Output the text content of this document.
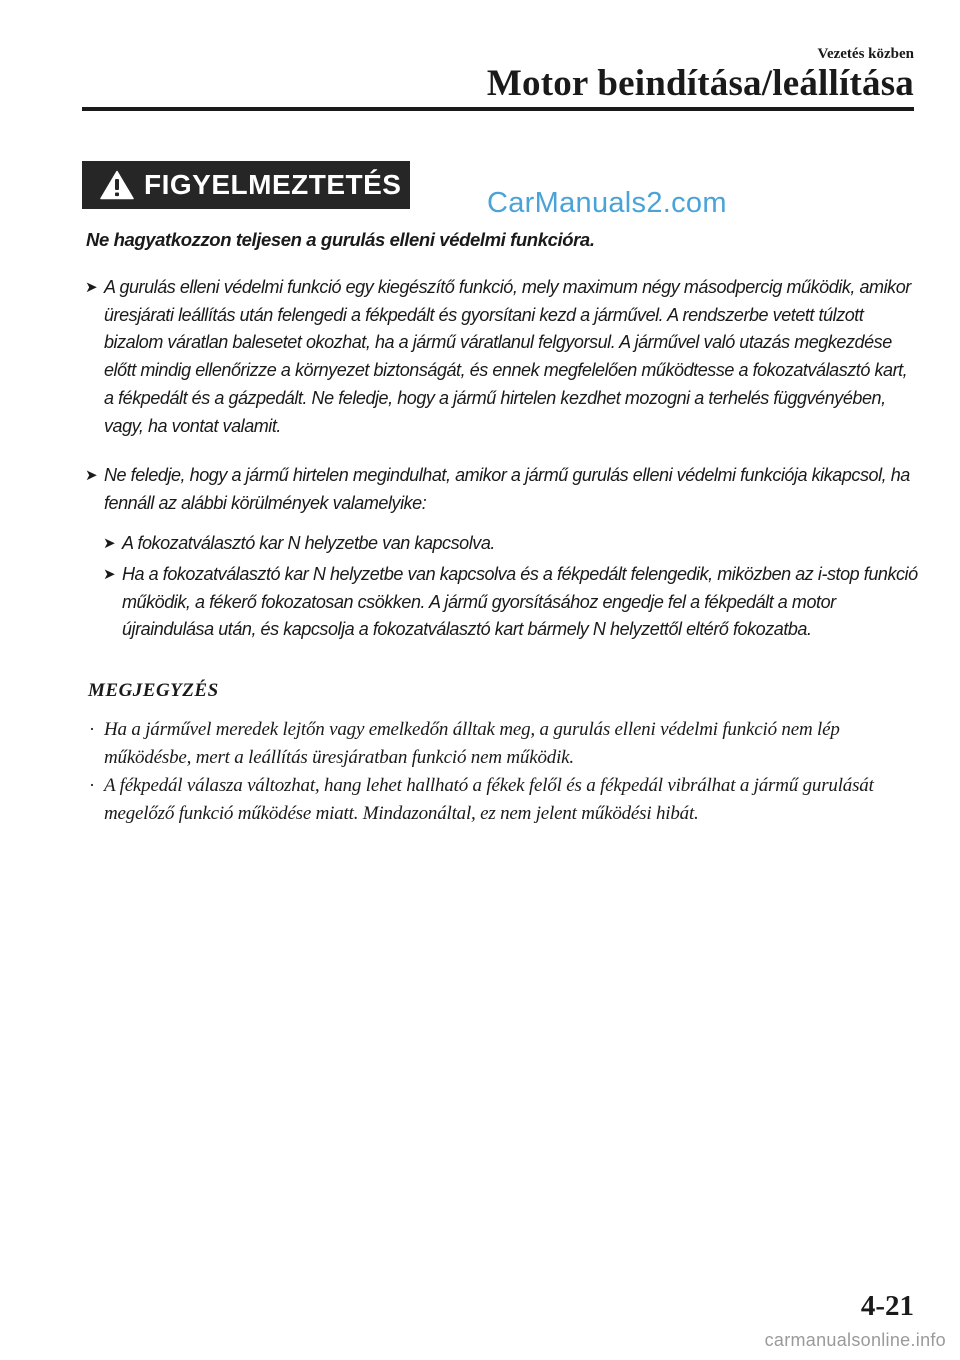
Vezetés közben
Motor beindítása/leállítása
FIGYELMEZTETÉS
CarManuals2.com
Ne hagyatkozzon teljesen a gurulás elleni védelmi funkcióra.
➤ A gurulás elleni védelmi funkció egy kiegészítő funkció, mely maximum négy másodpercig működik, amikor üresjárati leállítás után felengedi a fékpedált és gyorsítani kezd a járművel. A rendszerbe vetett túlzott bizalom váratlan balesetet okozhat, ha a jármű váratlanul felgyorsul. A járművel való utazás megkezdése előtt mindig ellenőrizze a környezet biztonságát, és ennek megfelelően működtesse a fokozatválasztó kart, a fékpedált és a gázpedált. Ne feledje, hogy a jármű hirtelen kezdhet mozogni a terhelés függvényében, vagy, ha vontat valamit.
➤ Ne feledje, hogy a jármű hirtelen megindulhat, amikor a jármű gurulás elleni védelmi funkciója kikapcsol, ha fennáll az alábbi körülmények valamelyike:
➤ A fokozatválasztó kar N helyzetbe van kapcsolva.
➤ Ha a fokozatválasztó kar N helyzetbe van kapcsolva és a fékpedált felengedik, miközben az i-stop funkció működik, a fékerő fokozatosan csökken. A jármű gyorsításához engedje fel a fékpedált a motor újraindulása után, és kapcsolja a fokozatválasztó kart bármely N helyzettől eltérő fokozatba.
MEGJEGYZÉS
· Ha a járművel meredek lejtőn vagy emelkedőn álltak meg, a gurulás elleni védelmi funkció nem lép működésbe, mert a leállítás üresjáratban funkció nem működik.
· A fékpedál válasza változhat, hang lehet hallható a fékek felől és a fékpedál vibrálhat a jármű gurulását megelőző funkció működése miatt. Mindazonáltal, ez nem jelent működési hibát.
4-21
carmanualsonline.info
